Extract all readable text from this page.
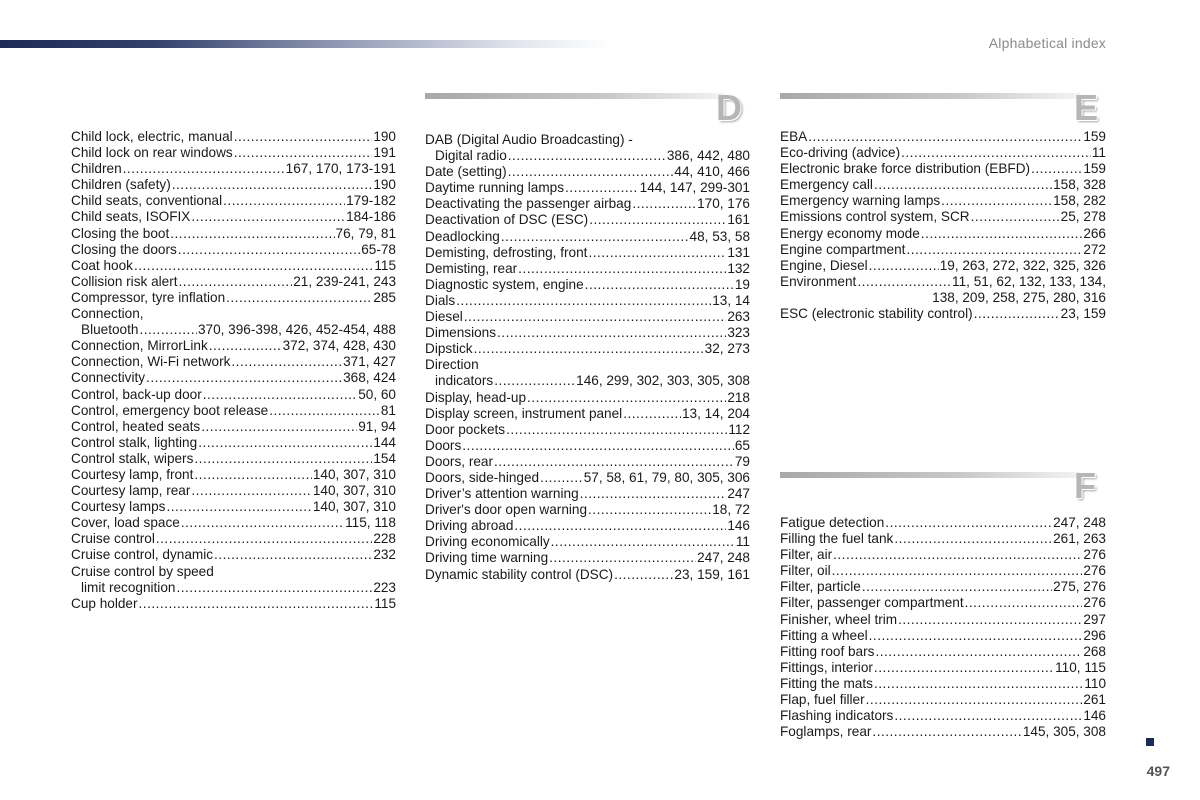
Alphabetical index
D	E
F
Child lock, electric, manual .....	190
Child lock on rear windows .....	191
Children .....	167, 170, 173-191
Children (safety) .....	190
Child seats, conventional .....	179-182
Child seats, ISOFIX .....	184-186
Closing the boot .....	76, 79, 81
Closing the doors .....	65-78
Coat hook .....	115
Collision risk alert .....	21, 239-241, 243
Compressor, tyre inflation .....	285
Connection,
Bluetooth .....	370, 396-398, 426, 452-454, 488
Connection, MirrorLink .....	372, 374, 428, 430
Connection, Wi-Fi network .....	371, 427
Connectivity .....	368, 424
Control, back-up door .....	50, 60
Control, emergency boot release .....	81
Control, heated seats .....	91, 94
Control stalk, lighting .....	144
Control stalk, wipers .....	154
Courtesy lamp, front .....	140, 307, 310
Courtesy lamp, rear .....	140, 307, 310
Courtesy lamps .....	140, 307, 310
Cover, load space .....	115, 118
Cruise control .....	228
Cruise control, dynamic .....	232
Cruise control by speed
limit recognition .....	223
Cup holder .....	115
DAB (Digital Audio Broadcasting) -
Digital radio .....	386, 442, 480
Date (setting) .....	44, 410, 466
Daytime running lamps .....	144, 147, 299-301
Deactivating the passenger airbag .....	170, 176
Deactivation of DSC (ESC) .....	161
Deadlocking .....	48, 53, 58
Demisting, defrosting, front .....	131
Demisting, rear .....	132
Diagnostic system, engine .....	19
Dials .....	13, 14
Diesel .....	263
Dimensions .....	323
Dipstick .....	32, 273
Direction
indicators .....	146, 299, 302, 303, 305, 308
Display, head-up .....	218
Display screen, instrument panel .....	13, 14, 204
Door pockets .....	112
Doors .....	65
Doors, rear .....	79
Doors, side-hinged .....	57, 58, 61, 79, 80, 305, 306
Driver’s attention warning .....	247
Driver's door open warning .....	18, 72
Driving abroad .....	146
Driving economically .....	11
Driving time warning .....	247, 248
Dynamic stability control (DSC) .....	23, 159, 161
EBA .....	159
Eco-driving (advice) .....	11
Electronic brake force distribution (EBFD) .....	159
Emergency call .....	158, 328
Emergency warning lamps .....	158, 282
Emissions control system, SCR .....	25, 278
Energy economy mode .....	266
Engine compartment .....	272
Engine, Diesel .....	19, 263, 272, 322, 325, 326
Environment .....	11, 51, 62, 132, 133, 134,
138, 209, 258, 275, 280, 316
ESC (electronic stability control) .....	23, 159
Fatigue detection .....	247, 248
Filling the fuel tank .....	261, 263
Filter, air .....	276
Filter, oil .....	276
Filter, particle .....	275, 276
Filter, passenger compartment .....	276
Finisher, wheel trim .....	297
Fitting a wheel .....	296
Fitting roof bars .....	268
Fittings, interior .....	110, 115
Fitting the mats .....	110
Flap, fuel filler .....	261
Flashing indicators .....	146
Foglamps, rear .....	145, 305, 308
497
